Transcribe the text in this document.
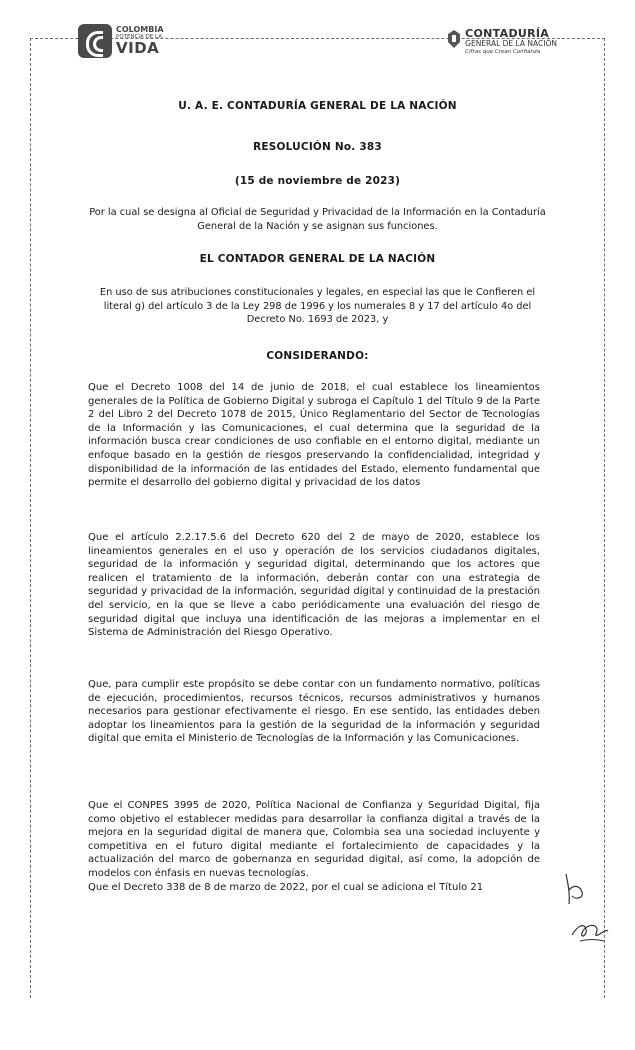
COLOMBIA
POTENCIA DE LA
VIDA
CONTADURÍA
GENERAL DE LA NACIÓN
Cifras que Crean Confianza
U. A. E. CONTADURÍA GENERAL DE LA NACIÓN
RESOLUCIÓN No. 383
(15 de noviembre de 2023)
Por la cual se designa al Oficial de Seguridad y Privacidad de la Información en la Contaduría General de la Nación y se asignan sus funciones.
EL CONTADOR GENERAL DE LA NACIÓN
En uso de sus atribuciones constitucionales y legales, en especial las que le Confieren el literal g) del artículo 3 de la Ley 298 de 1996 y los numerales 8 y 17 del artículo 4o del Decreto No. 1693 de 2023, y
CONSIDERANDO:
Que el Decreto 1008 del 14 de junio de 2018, el cual establece los lineamientos generales de la Política de Gobierno Digital y subroga el Capítulo 1 del Título 9 de la Parte 2 del Libro 2 del Decreto 1078 de 2015, Único Reglamentario del Sector de Tecnologías de la Información y las Comunicaciones, el cual determina que la seguridad de la información busca crear condiciones de uso confiable en el entorno digital, mediante un enfoque basado en la gestión de riesgos preservando la confidencialidad, integridad y disponibilidad de la información de las entidades del Estado, elemento fundamental que permite el desarrollo del gobierno digital y privacidad de los datos
Que el artículo 2.2.17.5.6 del Decreto 620 del 2 de mayo de 2020, establece los lineamientos generales en el uso y operación de los servicios ciudadanos digitales, seguridad de la información y seguridad digital, determinando que los actores que realicen el tratamiento de la información, deberán contar con una estrategia de seguridad y privacidad de la información, seguridad digital y continuidad de la prestación del servicio, en la que se lleve a cabo periódicamente una evaluación del riesgo de seguridad digital que incluya una identificación de las mejoras a implementar en el Sistema de Administración del Riesgo Operativo.
Que, para cumplir este propósito se debe contar con un fundamento normativo, políticas de ejecución, procedimientos, recursos técnicos, recursos administrativos y humanos necesarios para gestionar efectivamente el riesgo. En ese sentido, las entidades deben adoptar los lineamientos para la gestión de la seguridad de la información y seguridad digital que emita el Ministerio de Tecnologías de la Información y las Comunicaciones.
Que el CONPES 3995 de 2020, Política Nacional de Confianza y Seguridad Digital, fija como objetivo el establecer medidas para desarrollar la confianza digital a través de la mejora en la seguridad digital de manera que, Colombia sea una sociedad incluyente y competitiva en el futuro digital mediante el fortalecimiento de capacidades y la actualización del marco de gobernanza en seguridad digital, así como, la adopción de modelos con énfasis en nuevas tecnologías.
Que el Decreto 338 de 8 de marzo de 2022, por el cual se adiciona el Título 21
